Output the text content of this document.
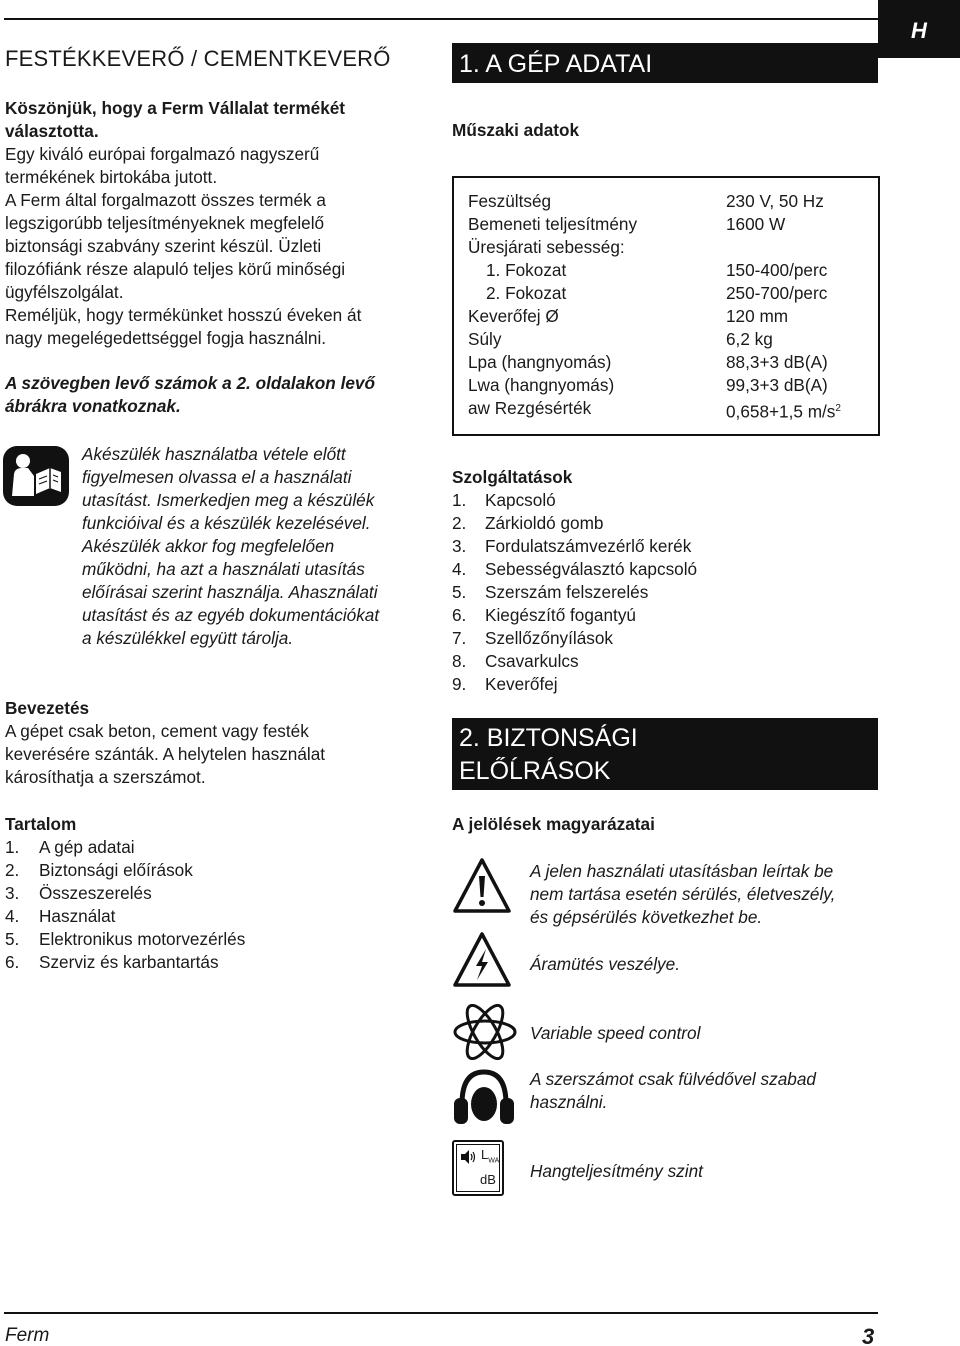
FESTÉKKEVERŐ / CEMENTKEVERŐ
H
1. A GÉP ADATAI
Köszönjük, hogy a Ferm Vállalat termékét
választotta.
Egy kiváló európai forgalmazó nagyszerű
termékének birtokába jutott.
A Ferm által forgalmazott összes termék a
legszigorúbb teljesítményeknek megfelelő
biztonsági szabvány szerint készül. Üzleti
filozófiánk része alapuló teljes körű minőségi
ügyfélszolgálat.
Reméljük, hogy termékünket hosszú éveken át
nagy megelégedettséggel fogja használni.
A szövegben levő számok a 2. oldalakon levő
ábrákra vonatkoznak.
Akészülék használatba vétele előtt
figyelmesen olvassa el a használati
utasítást. Ismerkedjen meg a készülék
funkcióival és a készülék kezelésével.
Akészülék akkor fog megfelelően
működni, ha azt a használati utasítás
előírásai szerint használja. Ahasználati
utasítást és az egyéb dokumentációkat
a készülékkel együtt tárolja.
Bevezetés
A gépet csak beton, cement vagy festék
keverésére szánták. A helytelen használat
károsíthatja a szerszámot.
Tartalom
1. A gép adatai
2. Biztonsági előírások
3. Összeszerelés
4. Használat
5. Elektronikus motorvezérlés
6. Szerviz és karbantartás
Műszaki adatok
Feszültség	230 V, 50 Hz
Bemeneti teljesítmény	1600 W
Üresjárati sebesség:
1. Fokozat	150-400/perc
2. Fokozat	250-700/perc
Keverőfej Ø	120 mm
Súly	6,2 kg
Lpa (hangnyomás)	88,3+3 dB(A)
Lwa (hangnyomás)	99,3+3 dB(A)
aw Rezgésérték	0,658+1,5 $m/s^2$
Szolgáltatások
1. Kapcsoló
2. Zárkioldó gomb
3. Fordulatszámvezérlő kerék
4. Sebességválasztó kapcsoló
5. Szerszám felszerelés
6. Kiegészítő fogantyú
7. Szellőzőnyílások
8. Csavarkulcs
9. Keverőfej
2. BIZTONSÁGI
ELŐĹRÁSOK
A jelölések magyarázatai
A jelen használati utasításban leírtak be
nem tartása esetén sérülés, életveszély,
és gépsérülés következhet be.
Áramütés veszélye.
Variable speed control
A szerszámot csak fülvédővel szabad
használni.
$L_{WA}$
dB Hangteljesítmény szint
Ferm	3
